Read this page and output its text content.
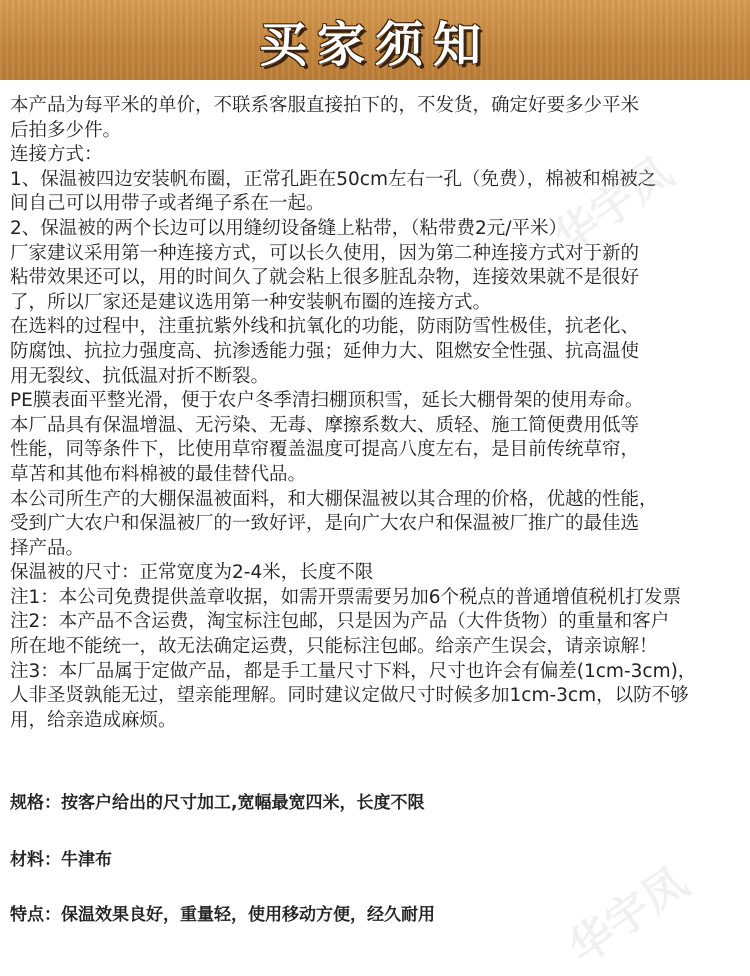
买家须知
华宇凤
华宇凤

本产品为每平米的单价，不联系客服直接拍下的，不发货，确定好要多少平米

后拍多少件。

连接方式：

1、保温被四边安装帆布圈，正常孔距在50cm左右一孔（免费），棉被和棉被之

间自己可以用带子或者绳子系在一起。

2、保温被的两个长边可以用缝纫设备缝上粘带，（粘带费2元/平米）

厂家建议采用第一种连接方式，可以长久使用，因为第二种连接方式对于新的

粘带效果还可以，用的时间久了就会粘上很多脏乱杂物，连接效果就不是很好

了，所以厂家还是建议选用第一种安装帆布圈的连接方式。

在选料的过程中，注重抗紫外线和抗氧化的功能，防雨防雪性极佳，抗老化、

防腐蚀、抗拉力强度高、抗渗透能力强；延伸力大、阻燃安全性强、抗高温使

用无裂纹、抗低温对折不断裂。

PE膜表面平整光滑，便于农户冬季清扫棚顶积雪，延长大棚骨架的使用寿命。

本厂品具有保温增温、无污染、无毒、摩擦系数大、质轻、施工简便费用低等

性能，同等条件下，比使用草帘覆盖温度可提高八度左右，是目前传统草帘，

草苫和其他布料棉被的最佳替代品。

本公司所生产的大棚保温被面料，和大棚保温被以其合理的价格，优越的性能，

受到广大农户和保温被厂的一致好评，是向广大农户和保温被厂推广的最佳选

择产品。

保温被的尺寸：正常宽度为2-4米，长度不限

注1：本公司免费提供盖章收据，如需开票需要另加6个税点的普通增值税机打发票

注2：本产品不含运费，淘宝标注包邮，只是因为产品（大件货物）的重量和客户

所在地不能统一，故无法确定运费，只能标注包邮。给亲产生误会，请亲谅解！

注3：本厂品属于定做产品，都是手工量尺寸下料，尺寸也许会有偏差(1cm-3cm)，

人非圣贤孰能无过，望亲能理解。同时建议定做尺寸时候多加1cm-3cm，以防不够

用，给亲造成麻烦。

规格：按客户给出的尺寸加工,宽幅最宽四米，长度不限
材料：牛津布
特点：保温效果良好，重量轻，使用移动方便，经久耐用
